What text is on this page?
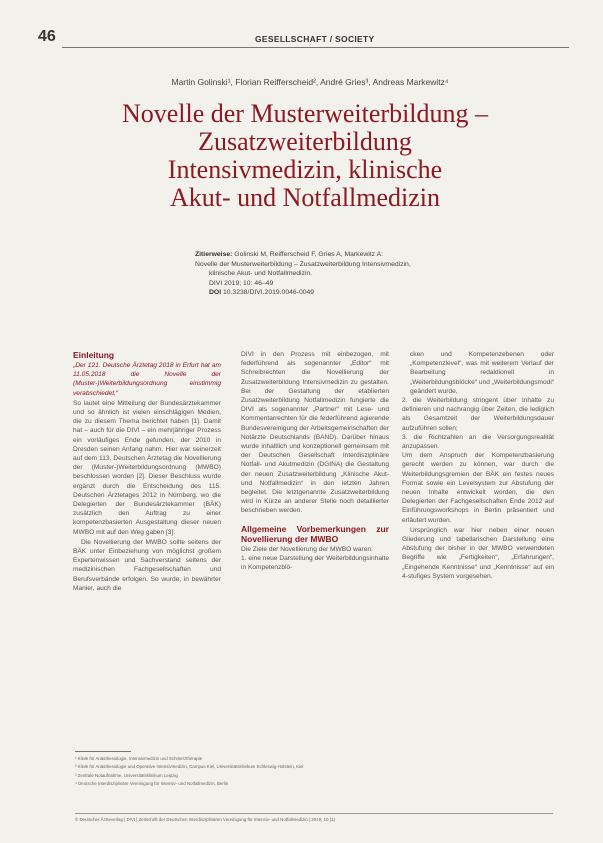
46	GESELLSCHAFT / SOCIETY
Martin Golinski¹, Florian Reifferscheid², André Gries³, Andreas Markewitz⁴
Novelle der Musterweiterbildung –
Zusatzweiterbildung
Intensivmedizin, klinische
Akut- und Notfallmedizin
Zitierweise: Golinski M, Reifferscheid F, Gries A, Markewitz A:
Novelle der Musterweiterbildung – Zusatzweiterbildung Intensivmedizin,
klinische Akut- und Notfallmedizin.
DIVI 2019; 10: 46–49
DOI 10.3238/DIVI.2019.0046-0049
Einleitung

„Der 121. Deutsche Ärztetag 2018 in Erfurt hat am 11.05.2018 die Novelle der (Muster-)Weiterbildungsordnung einstimmig verabschiedet.“

So lautet eine Mitteilung der Bundesärztekammer und so ähnlich ist vielen einschlägigen Medien, die zu diesem Thema berichtet haben [1]. Damit hat – auch für die DIVI – ein mehrjähriger Prozess ein vorläufiges Ende gefunden, der 2010 in Dresden seinen Anfang nahm. Hier war seinerzeit auf dem 113. Deutschen Ärztetag die Novellierung der (Muster-)Weiterbildungsordnung (MWBO) beschlossen worden [2]. Dieser Beschluss wurde ergänzt durch die Entscheidung des 115. Deutschen Ärztetages 2012 in Nürnberg, wo die Delegierten der Bundesärztekammer (BÄK) zusätzlich den Auftrag zu einer kompetenzbasierten Ausgestaltung dieser neuen MWBO mit auf den Weg gaben [3].

Die Novellierung der MWBO sollte seitens der BÄK unter Einbeziehung von möglichst großem Expertenwissen und Sachverstand seitens der medizinischen Fachgesellschaften und Berufsverbände erfolgen. So wurde, in bewährter Manier, auch die

DIVI in den Prozess mit einbezogen, mit federführend als sogenannter „Editor“ mit Schreibrechten die Novellierung der Zusatzweiterbildung Intensivmedizin zu gestalten. Bei der Gestaltung der etablierten Zusatzweiterbildung Notfallmedizin fungierte die DIVI als sogenannter „Partner“ mit Lese- und Kommentarrechten für die federführend agierende Bundesvereinigung der Arbeitsgemeinschaften der Notärzte Deutschlands (BAND). Darüber hinaus wurde inhaltlich und konzeptionell gemeinsam mit der Deutschen Gesellschaft Interdisziplinäre Notfall- und Akutmedizin (DGINA) die Gestaltung der neuen Zusatzweiterbildung „Klinische Akut- und Notfallmedizin“ in den letzten Jahren begleitet. Die letztgenannte Zusatzweiterbildung wird in Kürze an anderer Stelle noch detaillierter beschrieben werden.

Allgemeine Vorbemerkungen zur Novellierung der MWBO

Die Ziele der Novellierung der MWBO waren:

1. eine neue Darstellung der Weiterbildungsinhalte in Kompetenzblö-

cken und Kompetenzebenen oder „Kompetenzlevel“, was mit weiterem Verlauf der Bearbeitung redaktionell in „Weiterbildungsblöcke“ und „Weiterbildungsmodi“ geändert wurde,

2. die Weiterbildung stringent über Inhalte zu definieren und nachrangig über Zeiten, die lediglich als Gesamtzeit der Weiterbildungsdauer aufzuführen sollen;

3. die Richtzahlen an die Versorgungsrealität anzupassen.

Um dem Anspruch der Kompetenzbasierung gerecht werden zu können, war durch die Weiterbildungsgremien der BÄK ein festes neues Format sowie ein Levelsystem zur Abstufung der neuen Inhalte entwickelt worden, die den Delegierten der Fachgesellschaften Ende 2012 auf Einführungsworkshops in Berlin präsentiert und erläutert wurden.

Ursprünglich war hier neben einer neuen Gliederung und tabellarischen Darstellung eine Abstufung der bisher in der MWBO verwendeten Begriffe wie „Fertigkeiten“, „Erfahrungen“, „Eingehende Kenntnisse“ und „Kenntnisse“ auf ein 4-stufiges System vorgesehen.

¹ Klinik für Anästhesiologie, Intensivmedizin und Schmerztherapie
² Klinik für Anästhesiologie und Operative Intensivmedizin, Campus Kiel, Universitätsklinikum Schleswig-Holstein, Kiel
³ Zentrale Notaufnahme, Universitätsklinikum Leipzig
⁴ Deutsche Interdisziplinäre Vereinigung für Intensiv- und Notfallmedizin, Berlin
© Deutscher Ärzteverlag | DIVI | Zeitschrift der Deutschen Interdisziplinären Vereinigung für Intensiv- und Notfallmedizin | 2019; 10 (1)
